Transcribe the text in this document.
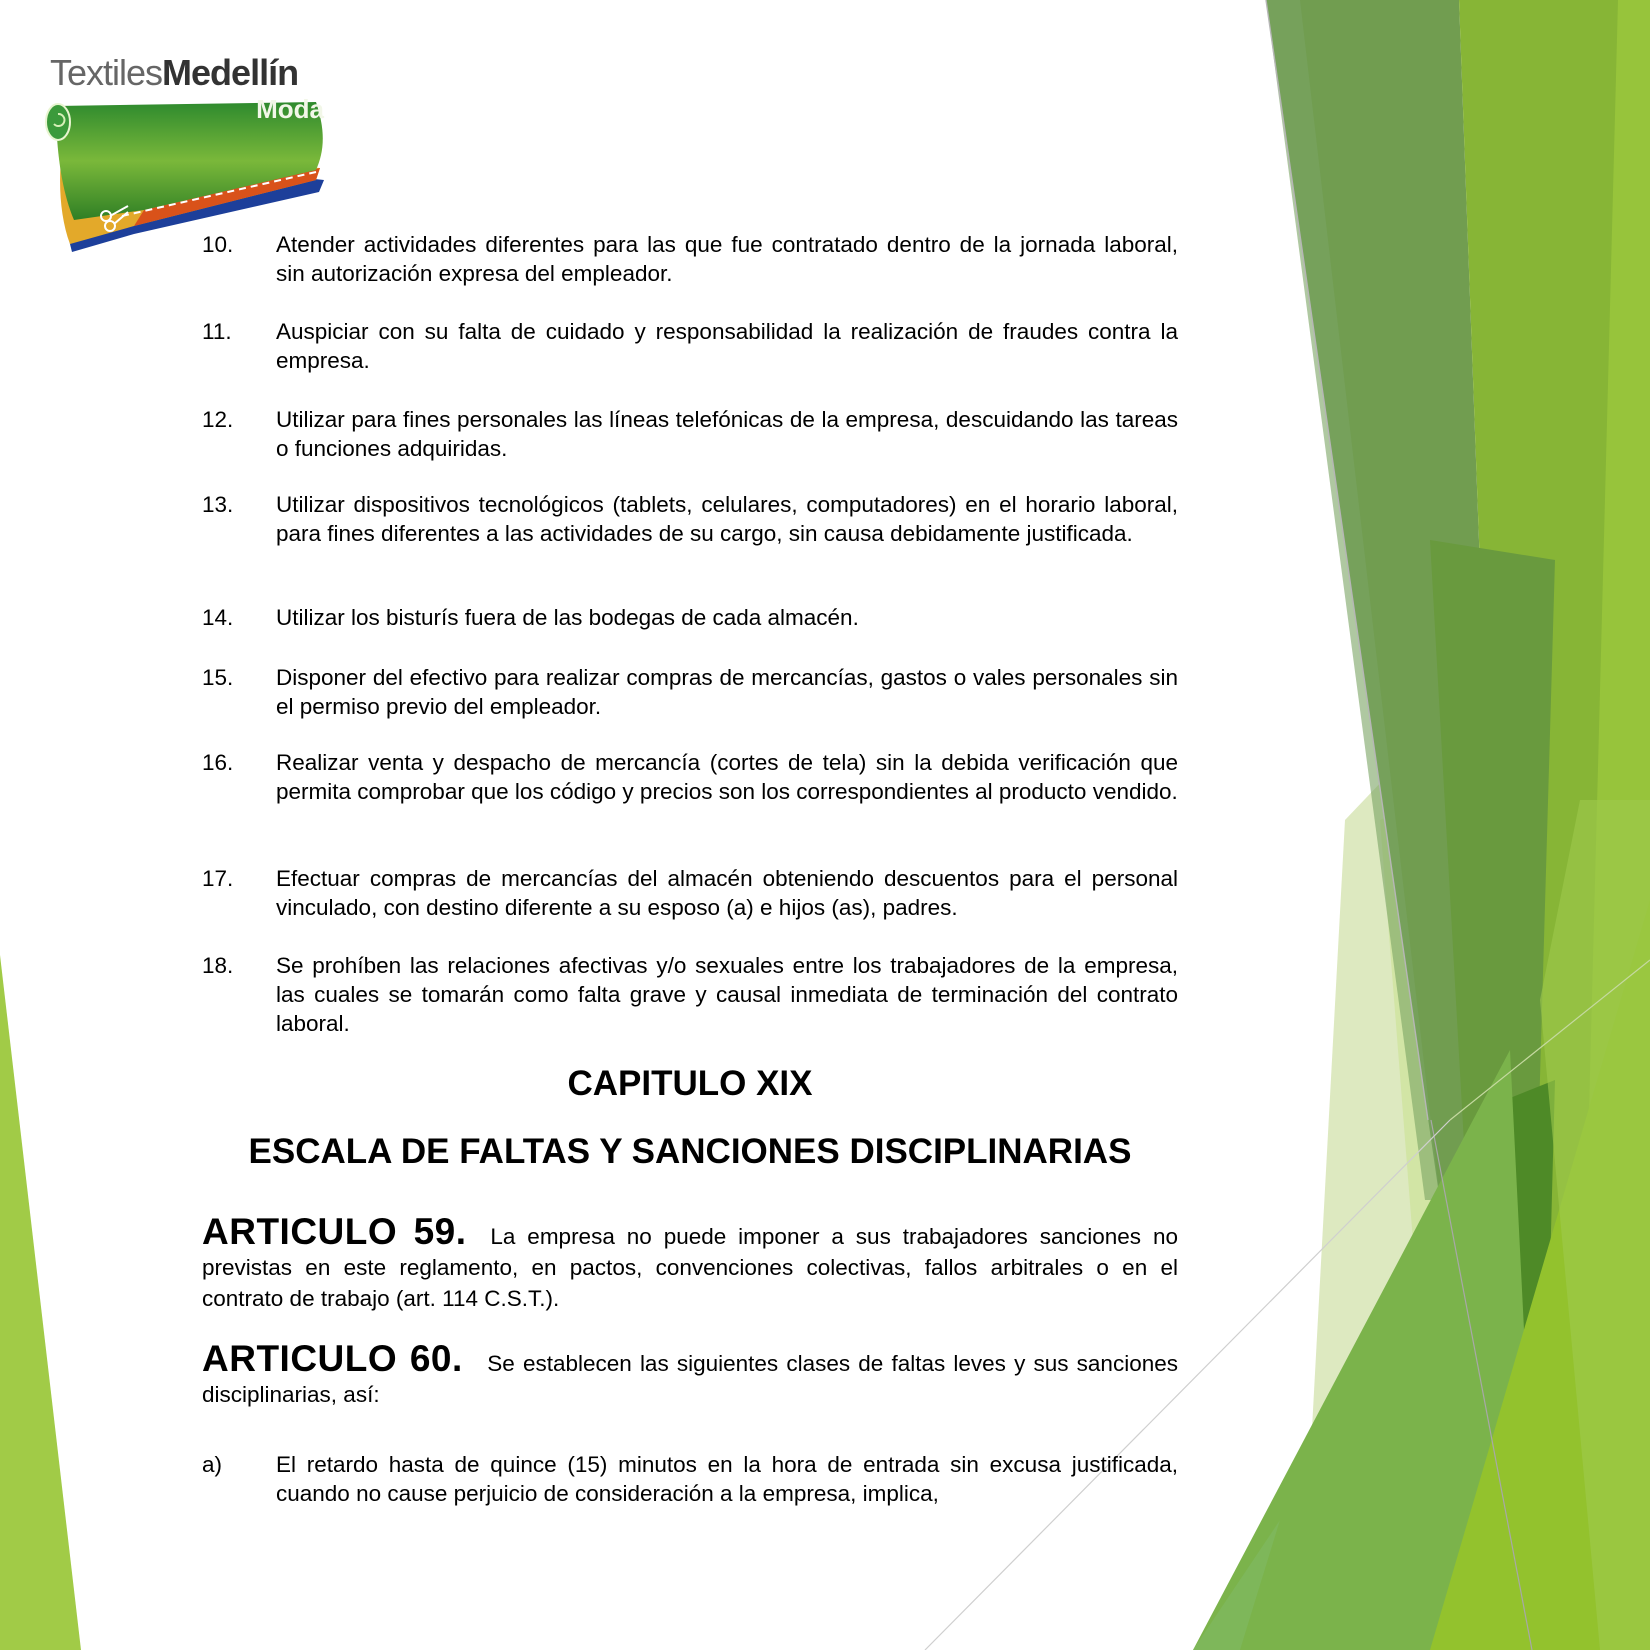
TextilesMedellín
Moda
10.	Atender actividades diferentes para las que fue contratado dentro de la jornada laboral, sin autorización expresa del empleador.
11.	Auspiciar con su falta de cuidado y responsabilidad la realización de fraudes contra la empresa.
12.	Utilizar para fines personales las líneas telefónicas de la empresa, descuidando las tareas o funciones adquiridas.
13.	Utilizar dispositivos tecnológicos (tablets, celulares, computadores) en el horario laboral, para fines diferentes a las actividades de su cargo, sin causa debidamente justificada.
14.	Utilizar los bisturís fuera de las bodegas de cada almacén.
15.	Disponer del efectivo para realizar compras de mercancías, gastos o vales personales sin el permiso previo del empleador.
16.	Realizar venta y despacho de mercancía (cortes de tela) sin la debida verificación que permita comprobar que los código y precios son los correspondientes al producto vendido.
17.	Efectuar compras de mercancías del almacén obteniendo descuentos para el personal vinculado, con destino diferente a su esposo (a) e hijos (as), padres.
18.	Se prohíben las relaciones afectivas y/o sexuales entre los trabajadores de la empresa, las cuales se tomarán como falta grave y causal inmediata de terminación del contrato laboral.
CAPITULO XIX
ESCALA DE FALTAS Y SANCIONES DISCIPLINARIAS
ARTICULO 59. La empresa no puede imponer a sus trabajadores sanciones no previstas en este reglamento, en pactos, convenciones colectivas, fallos arbitrales o en el contrato de trabajo (art. 114 C.S.T.).
ARTICULO 60. Se establecen las siguientes clases de faltas leves y sus sanciones disciplinarias, así:
a)	El retardo hasta de quince (15) minutos en la hora de entrada sin excusa justificada, cuando no cause perjuicio de consideración a la empresa, implica,
